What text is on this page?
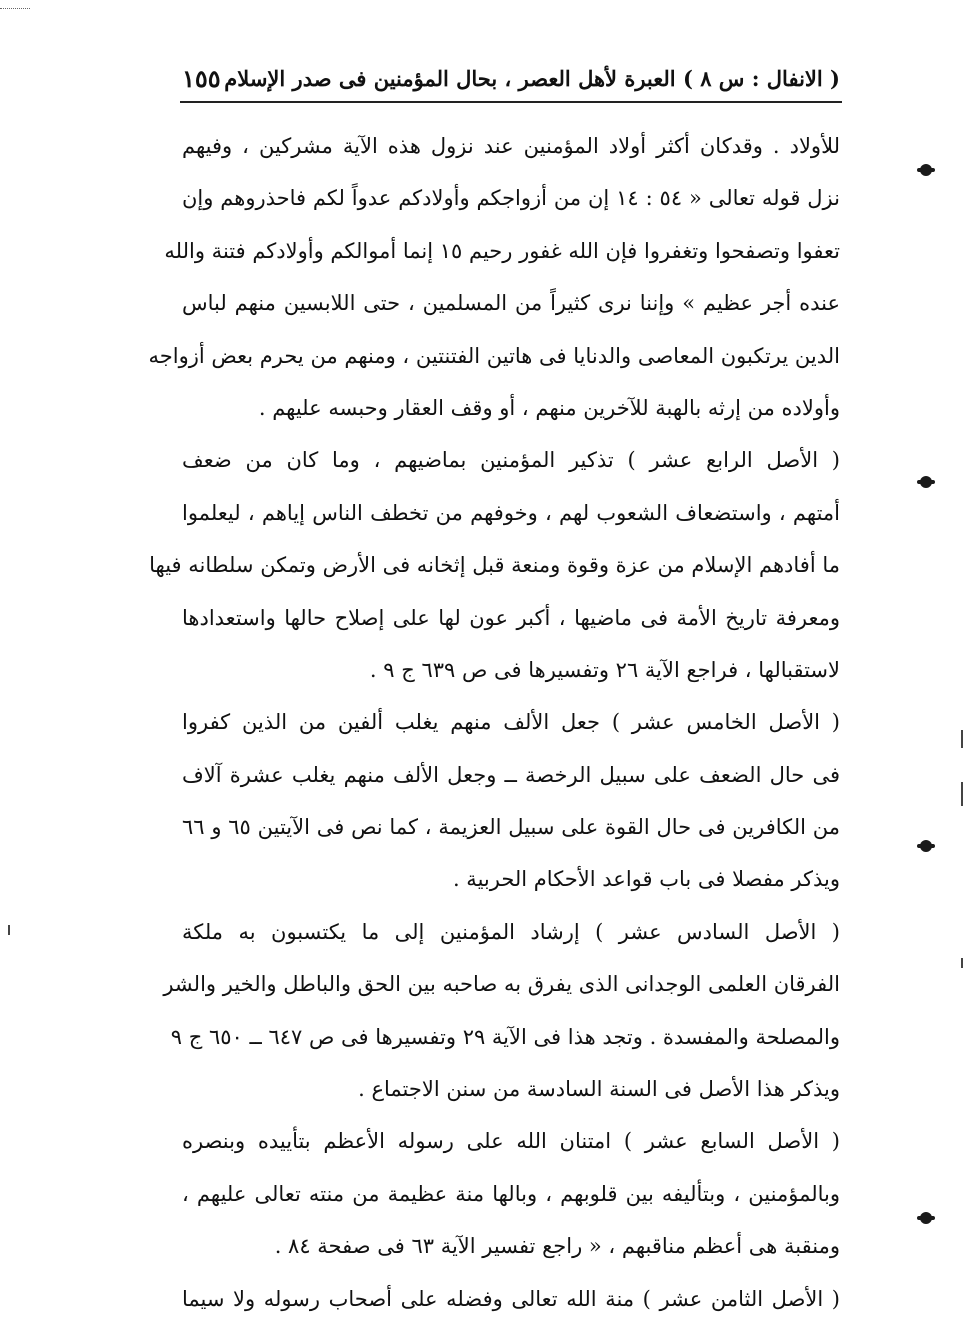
( الانفال : س ٨ ) العبرة لأهل العصر ، بحال المؤمنين فى صدر الإسلام
١٥٥
للأولاد . وقدكان أكثر أولاد المؤمنين عند نزول هذه الآية مشركين ، وفيهم
نزل قوله تعالى « ٥٤ : ١٤ إن من أزواجكم وأولادكم عدواً لكم فاحذروهم وإن
تعفوا وتصفحوا وتغفروا فإن الله غفور رحيم ١٥ إنما أموالكم وأولادكم فتنة والله
عنده أجر عظيم » وإننا نرى كثيراً من المسلمين ، حتى اللابسين منهم لباس
الدين يرتكبون المعاصى والدنايا فى هاتين الفتنتين ، ومنهم من يحرم بعض أزواجه
وأولاده من إرثه بالهبة للآخرين منهم ، أو وقف العقار وحبسه عليهم .
( الأصل الرابع عشر ) تذكير المؤمنين بماضيهم ، وما كان من ضعف
أمتهم ، واستضعاف الشعوب لهم ، وخوفهم من تخطف الناس إياهم ، ليعلموا
ما أفادهم الإسلام من عزة وقوة ومنعة قبل إثخانه فى الأرض وتمكن سلطانه فيها
ومعرفة تاريخ الأمة فى ماضيها ، أكبر عون لها على إصلاح حالها واستعدادها
لاستقبالها ، فراجع الآية ٢٦ وتفسيرها فى ص ٦٣٩ ج ٩ .
( الأصل الخامس عشر ) جعل الألف منهم يغلب ألفين من الذين كفروا
فى حال الضعف على سبيل الرخصة ــ وجعل الألف منهم يغلب عشرة آلاف
من الكافرين فى حال القوة على سبيل العزيمة ، كما نص فى الآيتين ٦٥ و ٦٦
ويذكر مفصلا فى باب قواعد الأحكام الحربية .
( الأصل السادس عشر ) إرشاد المؤمنين إلى ما يكتسبون به ملكة
الفرقان العلمى الوجدانى الذى يفرق به صاحبه بين الحق والباطل والخير والشر
والمصلحة والمفسدة . وتجد هذا فى الآية ٢٩ وتفسيرها فى ص ٦٤٧ ــ ٦٥٠ ج ٩
ويذكر هذا الأصل فى السنة السادسة من سنن الاجتماع .
( الأصل السابع عشر ) امتنان الله على رسوله الأعظم بتأييده وبنصره
وبالمؤمنين ، وبتأليفه بين قلوبهم ، وبالها منة عظيمة من منته تعالى عليهم ،
ومنقبة هى أعظم مناقبهم ، « راجع تفسير الآية ٦٣ فى صفحة ٨٤ .
( الأصل الثامن عشر ) منة الله تعالى وفضله على أصحاب رسوله ولا سيما
